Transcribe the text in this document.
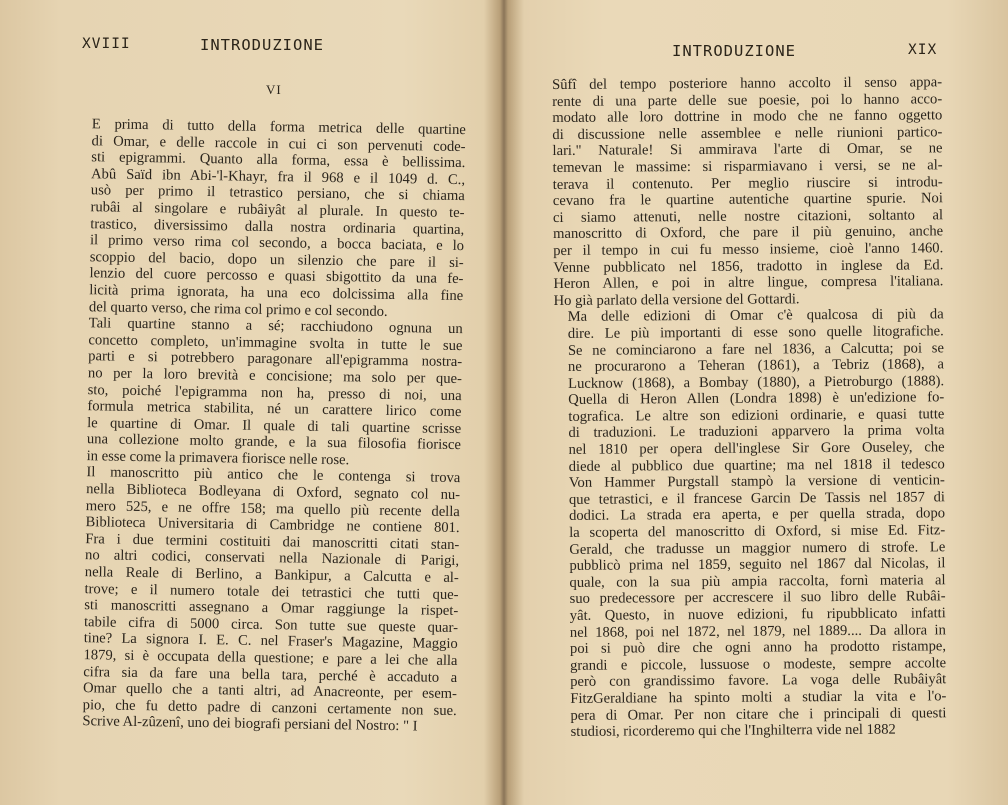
XVIII	INTRODUZIONE
VI

E prima di tutto della forma metrica delle quartine
di Omar, e delle raccole in cui ci son pervenuti code-
sti epigrammi. Quanto alla forma, essa è bellissima.
Abû Saïd ibn Abi-'l-Khayr, fra il 968 e il 1049 d. C.,
usò per primo il tetrastico persiano, che si chiama
rubâi al singolare e rubâiyât al plurale. In questo te-
trastico, diversissimo dalla nostra ordinaria quartina,
il primo verso rima col secondo, a bocca baciata, e lo
scoppio del bacio, dopo un silenzio che pare il si-
lenzio del cuore percosso e quasi sbigottito da una fe-
licità prima ignorata, ha una eco dolcissima alla fine
del quarto verso, che rima col primo e col secondo.

Tali quartine stanno a sé; racchiudono ognuna un
concetto completo, un'immagine svolta in tutte le sue
parti e si potrebbero paragonare all'epigramma nostra-
no per la loro brevità e concisione; ma solo per que-
sto, poiché l'epigramma non ha, presso di noi, una
formula metrica stabilita, né un carattere lirico come
le quartine di Omar. Il quale di tali quartine scrisse
una collezione molto grande, e la sua filosofia fiorisce
in esse come la primavera fiorisce nelle rose.

Il manoscritto più antico che le contenga si trova
nella Biblioteca Bodleyana di Oxford, segnato col nu-
mero 525, e ne offre 158; ma quello più recente della
Biblioteca Universitaria di Cambridge ne contiene 801.
Fra i due termini costituiti dai manoscritti citati stan-
no altri codici, conservati nella Nazionale di Parigi,
nella Reale di Berlino, a Bankipur, a Calcutta e al-
trove; e il numero totale dei tetrastici che tutti que-
sti manoscritti assegnano a Omar raggiunge la rispet-
tabile cifra di 5000 circa. Son tutte sue queste quar-
tine? La signora I. E. C. nel Fraser's Magazine, Maggio
1879, si è occupata della questione; e pare a lei che alla
cifra sia da fare una bella tara, perché è accaduto a
Omar quello che a tanti altri, ad Anacreonte, per esem-
pio, che fu detto padre di canzoni certamente non sue.
Scrive Al-zûzenî, uno dei biografi persiani del Nostro: " I

INTRODUZIONE	XIX

Sûfî del tempo posteriore hanno accolto il senso appa-
rente di una parte delle sue poesie, poi lo hanno acco-
modato alle loro dottrine in modo che ne fanno oggetto
di discussione nelle assemblee e nelle riunioni partico-
lari." Naturale! Si ammirava l'arte di Omar, se ne
temevan le massime: si risparmiavano i versi, se ne al-
terava il contenuto. Per meglio riuscire si introdu-
cevano fra le quartine autentiche quartine spurie. Noi
ci siamo attenuti, nelle nostre citazioni, soltanto al
manoscritto di Oxford, che pare il più genuino, anche
per il tempo in cui fu messo insieme, cioè l'anno 1460.
Venne pubblicato nel 1856, tradotto in inglese da Ed.
Heron Allen, e poi in altre lingue, compresa l'italiana.
Ho già parlato della versione del Gottardi.

Ma delle edizioni di Omar c'è qualcosa di più da
dire. Le più importanti di esse sono quelle litografiche.
Se ne cominciarono a fare nel 1836, a Calcutta; poi se
ne procurarono a Teheran (1861), a Tebriz (1868), a
Lucknow (1868), a Bombay (1880), a Pietroburgo (1888).
Quella di Heron Allen (Londra 1898) è un'edizione fo-
tografica. Le altre son edizioni ordinarie, e quasi tutte
di traduzioni. Le traduzioni apparvero la prima volta
nel 1810 per opera dell'inglese Sir Gore Ouseley, che
diede al pubblico due quartine; ma nel 1818 il tedesco
Von Hammer Purgstall stampò la versione di venticin-
que tetrastici, e il francese Garcin De Tassis nel 1857 di
dodici. La strada era aperta, e per quella strada, dopo
la scoperta del manoscritto di Oxford, si mise Ed. Fitz-
Gerald, che tradusse un maggior numero di strofe. Le
pubblicò prima nel 1859, seguito nel 1867 dal Nicolas, il
quale, con la sua più ampia raccolta, fornì materia al
suo predecessore per accrescere il suo libro delle Rubâi-
yât. Questo, in nuove edizioni, fu ripubblicato infatti
nel 1868, poi nel 1872, nel 1879, nel 1889.... Da allora in
poi si può dire che ogni anno ha prodotto ristampe,
grandi e piccole, lussuose o modeste, sempre accolte
però con grandissimo favore. La voga delle Rubâiyât
FitzGeraldiane ha spinto molti a studiar la vita e l'o-
pera di Omar. Per non citare che i principali di questi
studiosi, ricorderemo qui che l'Inghilterra vide nel 1882
